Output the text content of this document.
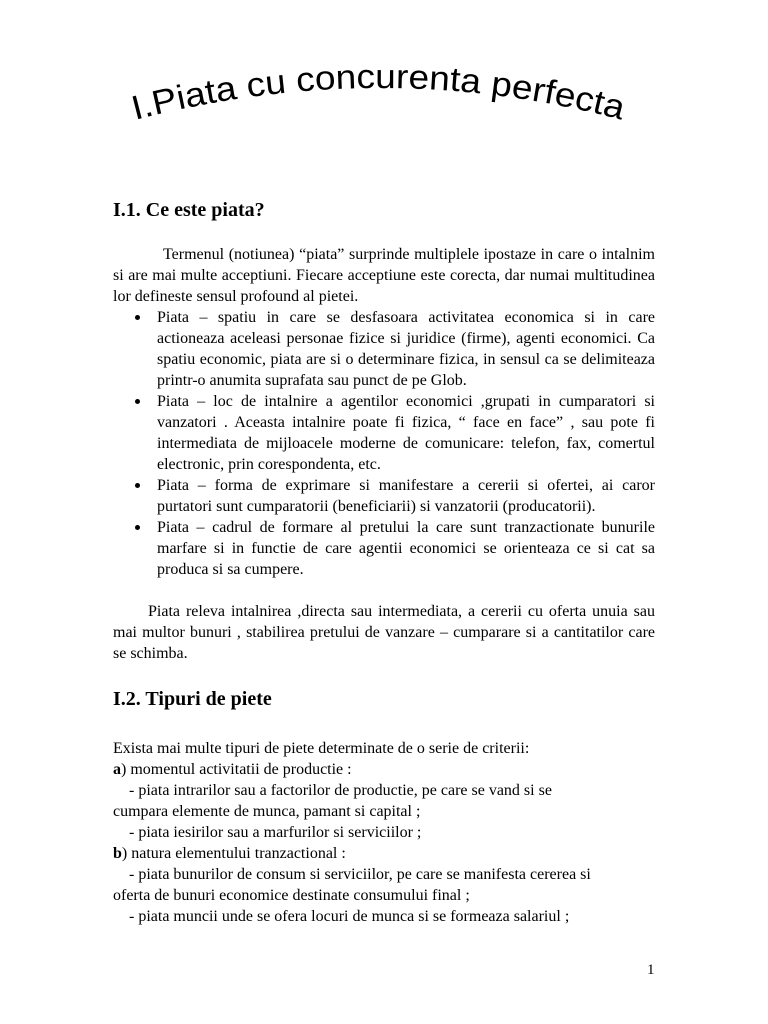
I.Piata cu concurenta perfecta
I.1. Ce este piata?

Termenul (notiunea) “piata” surprinde multiplele ipostaze in care o intalnim si are mai multe acceptiuni. Fiecare acceptiune este corecta, dar numai multitudinea lor defineste sensul profound al pietei.

Piata – spatiu in care se desfasoara activitatea economica si in care actioneaza aceleasi personae fizice si juridice (firme), agenti economici. Ca spatiu economic, piata are si o determinare fizica, in sensul ca se delimiteaza printr-o anumita suprafata sau punct de pe Glob.
Piata – loc de intalnire a agentilor economici ,grupati in cumparatori si vanzatori . Aceasta intalnire poate fi fizica, “ face en face” , sau pote fi intermediata de mijloacele moderne de comunicare: telefon, fax, comertul electronic, prin corespondenta, etc.
Piata – forma de exprimare si manifestare a cererii si ofertei, ai caror purtatori sunt cumparatorii (beneficiarii) si vanzatorii (producatorii).
Piata – cadrul de formare al pretului la care sunt tranzactionate bunurile marfare si in functie de care agentii economici se orienteaza ce si cat sa produca si sa cumpere.

Piata releva intalnirea ,directa sau intermediata, a cererii cu oferta unuia sau mai multor bunuri , stabilirea pretului de vanzare – cumparare si a cantitatilor care se schimba.

I.2. Tipuri de piete
Exista mai multe tipuri de piete determinate de o serie de criterii:
a) momentul activitatii de productie :
- piata intrarilor sau a factorilor de productie, pe care se vand si se
cumpara elemente de munca, pamant si capital ;
- piata iesirilor sau a marfurilor si serviciilor ;
b) natura elementului tranzactional :
- piata bunurilor de consum si serviciilor, pe care se manifesta cererea si
oferta de bunuri economice destinate consumului final ;
- piata muncii unde se ofera locuri de munca si se formeaza salariul ;
1
